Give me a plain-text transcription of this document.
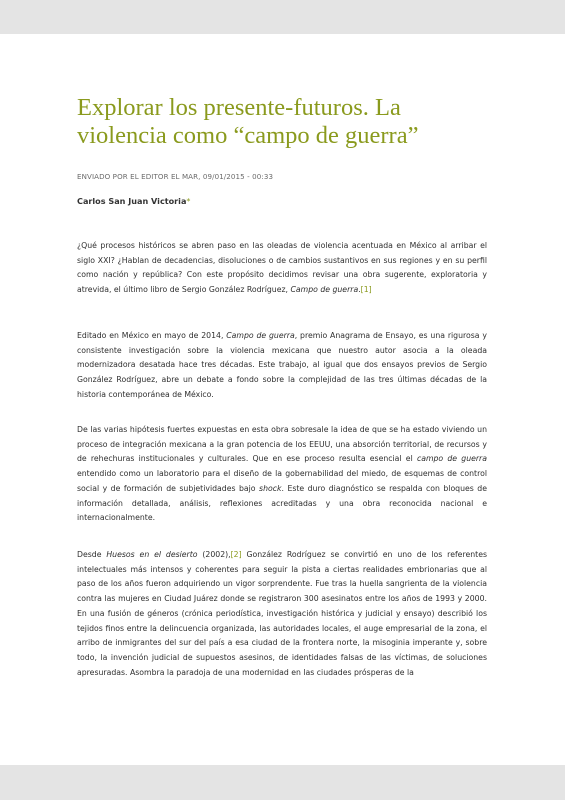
Explorar los presente-futuros. La violencia como “campo de guerra”
ENVIADO POR EL EDITOR EL MAR, 09/01/2015 - 00:33
Carlos San Juan Victoria*

¿Qué procesos históricos se abren paso en las oleadas de violencia acentuada en México al arribar el siglo XXI? ¿Hablan de decadencias, disoluciones o de cambios sustantivos en sus regiones y en su perfil como nación y república? Con este propósito decidimos revisar una obra sugerente, exploratoria y atrevida, el último libro de Sergio González Rodríguez, Campo de guerra.[1]

Editado en México en mayo de 2014, Campo de guerra, premio Anagrama de Ensayo, es una rigurosa y consistente investigación sobre la violencia mexicana que nuestro autor asocia a la oleada modernizadora desatada hace tres décadas. Este trabajo, al igual que dos ensayos previos de Sergio González Rodríguez, abre un debate a fondo sobre la complejidad de las tres últimas décadas de la historia contemporánea de México.

De las varias hipótesis fuertes expuestas en esta obra sobresale la idea de que se ha estado viviendo un proceso de integración mexicana a la gran potencia de los EEUU, una absorción territorial, de recursos y de rehechuras institucionales y culturales. Que en ese proceso resulta esencial el campo de guerra entendido como un laboratorio para el diseño de la gobernabilidad del miedo, de esquemas de control social y de formación de subjetividades bajo shock. Este duro diagnóstico se respalda con bloques de información detallada, análisis, reflexiones acreditadas y una obra reconocida nacional e internacionalmente.

Desde Huesos en el desierto (2002),[2] González Rodríguez se convirtió en uno de los referentes intelectuales más intensos y coherentes para seguir la pista a ciertas realidades embrionarias que al paso de los años fueron adquiriendo un vigor sorprendente. Fue tras la huella sangrienta de la violencia contra las mujeres en Ciudad Juárez donde se registraron 300 asesinatos entre los años de 1993 y 2000. En una fusión de géneros (crónica periodística, investigación histórica y judicial y ensayo) describió los tejidos finos entre la delincuencia organizada, las autoridades locales, el auge empresarial de la zona, el arribo de inmigrantes del sur del país a esa ciudad de la frontera norte, la misoginia imperante y, sobre todo, la invención judicial de supuestos asesinos, de identidades falsas de las víctimas, de soluciones apresuradas. Asombra la paradoja de una modernidad en las ciudades prósperas de la
